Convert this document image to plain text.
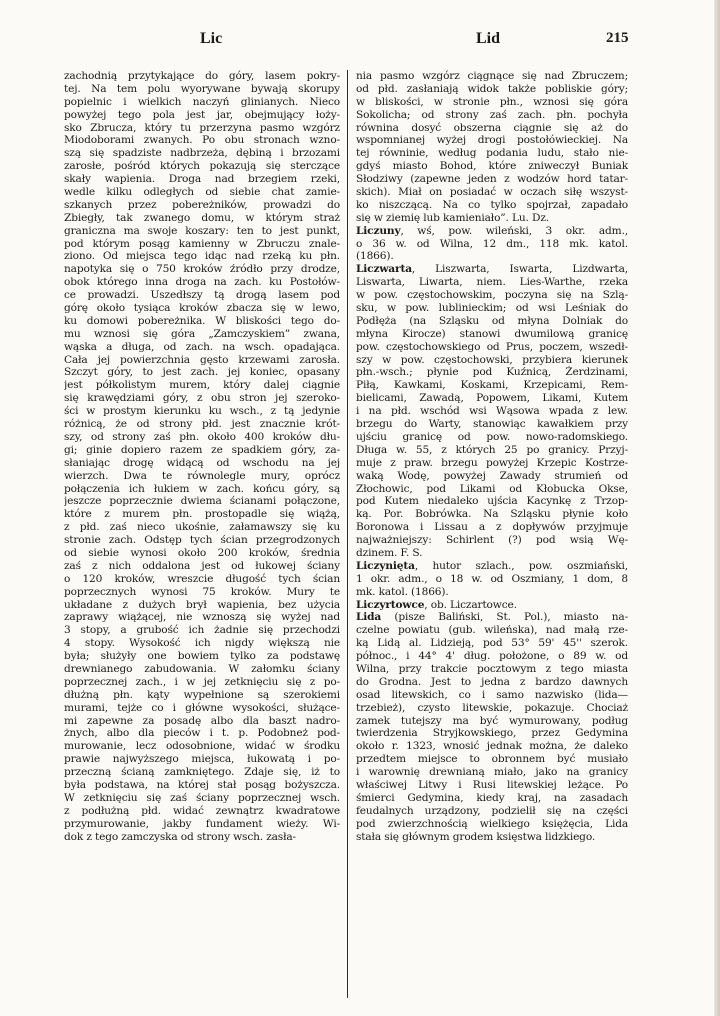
Lic	Lid	215
zachodnią przytykające do góry, lasem pokry-
tej. Na tem polu wyorywane bywają skorupy
popielnic i wielkich naczyń glinianych. Nieco
powyżej tego pola jest jar, obejmujący łoży-
sko Zbrucza, który tu przerzyna pasmo wzgórz
Miodoborami zwanych. Po obu stronach wzno-
szą się spadziste nadbrzeża, dębiną i brzozami
zarosłe, pośród których pokazują się sterczące
skały wapienia. Droga nad brzegiem rzeki,
wedle kilku odległych od siebie chat zamie-
szkanych przez pobereżników, prowadzi do
Zbiegły, tak zwanego domu, w którym straż
graniczna ma swoje koszary: ten to jest punkt,
pod którym posąg kamienny w Zbruczu znale-
ziono. Od miejsca tego idąc nad rzeką ku płn.
napotyka się o 750 kroków źródło przy drodze,
obok którego inna droga na zach. ku Postołów-
ce prowadzi. Uszedłszy tą drogą lasem pod
górę około tysiąca kroków zbacza się w lewo,
ku domowi pobereżnika. W bliskości tego do-
mu wznosi się góra „Zamczyskiem” zwana,
wąska a długa, od zach. na wsch. opadająca.
Cała jej powierzchnia gęsto krzewami zarosła.
Szczyt góry, to jest zach. jej koniec, opasany
jest półkolistym murem, który dalej ciągnie
się krawędziami góry, z obu stron jej szeroko-
ści w prostym kierunku ku wsch., z tą jedynie
różnicą, że od strony płd. jest znacznie krót-
szy, od strony zaś płn. około 400 kroków dłu-
gi; ginie dopiero razem ze spadkiem góry, za-
słaniając drogę widącą od wschodu na jej
wierzch. Dwa te równolegle mury, oprócz
połączenia ich łukiem w zach. końcu góry, są
jeszcze poprzecznie dwiema ścianami połączone,
które z murem płn. prostopadle się wiążą,
z płd. zaś nieco ukośnie, załamawszy się ku
stronie zach. Odstęp tych ścian przegrodzonych
od siebie wynosi około 200 kroków, średnia
zaś z nich oddalona jest od łukowej ściany
o 120 kroków, wreszcie długość tych ścian
poprzecznych wynosi 75 kroków. Mury te
układane z dużych brył wapienia, bez użycia
zaprawy wiążącej, nie wznoszą się wyżej nad
3 stopy, a grubość ich żadnie się przechodzi
4 stopy. Wysokość ich nigdy większą nie
była; służyły one bowiem tylko za podstawę
drewnianego zabudowania. W załomku ściany
poprzecznej zach., i w jej zetknięciu się z po-
dłużną płn. kąty wypełnione są szerokiemi
murami, tejże co i główne wysokości, służące-
mi zapewne za posadę albo dla baszt nadro-
żnych, albo dla pieców i t. p. Podobneż pod-
murowanie, lecz odosobnione, widać w środku
prawie najwyższego miejsca, łukowatą i po-
przeczną ścianą zamkniętego. Zdaje się, iż to
była podstawa, na której stał posąg bożyszcza.
W zetknięciu się zaś ściany poprzecznej wsch.
z podłużną płd. widać zewnątrz kwadratowe
przymurowanie, jakby fundament wieży. Wi-
dok z tego zamczyska od strony wsch. zasła-
nia pasmo wzgórz ciągnące się nad Zbruczem;
od płd. zasłaniają widok także pobliskie góry;
w bliskości, w stronie płn., wznosi się góra
Sokolicha; od strony zaś zach. płn. pochyła
równina dosyć obszerna ciągnie się aż do
wspomnianej wyżej drogi postołówieckiej. Na
tej równinie, według podania ludu, stało nie-
gdyś miasto Bohod, które zniweczył Buniak
Słodziwy (zapewne jeden z wodzów hord tatar-
skich). Miał on posiadać w oczach siłę wszyst-
ko niszczącą. Na co tylko spojrzał, zapadało
się w ziemię lub kamieniało”. Lu. Dz.
Liczuny, wś, pow. wileński, 3 okr. adm.,
o 36 w. od Wilna, 12 dm., 118 mk. katol.
(1866).
Liczwarta, Liszwarta, Iswarta, Lizdwarta,
Liswarta, Liwarta, niem. Lies-Warthe, rzeka
w pow. częstochowskim, poczyna się na Szlą-
sku, w pow. lublinieckim; od wsi Leśniak do
Podłęża (na Szląsku od młyna Dolniak do
młyna Kirocze) stanowi dwumilową granicę
pow. częstochowskiego od Prus, poczem, wszedł-
szy w pow. częstochowski, przybiera kierunek
płn.-wsch.; płynie pod Kuźnicą, Żerdzinami,
Piłą, Kawkami, Koskami, Krzepicami, Rem-
bielicami, Zawadą, Popowem, Likami, Kutem
i na płd. wschód wsi Wąsowa wpada z lew.
brzegu do Warty, stanowiąc kawałkiem przy
ujściu granicę od pow. nowo-radomskiego.
Długa w. 55, z których 25 po granicy. Przyj-
muje z praw. brzegu powyżej Krzepic Kostrze-
waką Wodę, powyżej Zawady strumień od
Złochowic, pod Likami od Kłobucka Okse,
pod Kutem niedaleko ujścia Kacynkę z Trzop-
ką. Por. Bobrówka. Na Szląsku płynie koło
Boronowa i Lissau a z dopływów przyjmuje
najważniejszy: Schirlent (?) pod wsią Wę-
dzinem. F. S.
Liczynięta, hutor szlach., pow. oszmiański,
1 okr. adm., o 18 w. od Oszmiany, 1 dom, 8
mk. katol. (1866).
Liczyrtowce, ob. Liczartowce.
Lida (pisze Baliński, St. Pol.), miasto na-
czelne powiatu (gub. wileńska), nad małą rze-
ką Lidą al. Lidzieją, pod 53° 59' 45'' szerok.
północ., i 44° 4' dług. położone, o 89 w. od
Wilna, przy trakcie pocztowym z tego miasta
do Grodna. Jest to jedna z bardzo dawnych
osad litewskich, co i samo nazwisko (lida—
trzebież), czysto litewskie, pokazuje. Chociaż
zamek tutejszy ma być wymurowany, podług
twierdzenia Stryjkowskiego, przez Gedymina
około r. 1323, wnosić jednak można, że daleko
przedtem miejsce to obronnem być musiało
i warownię drewnianą miało, jako na granicy
właściwej Litwy i Rusi litewskiej leżące. Po
śmierci Gedymina, kiedy kraj, na zasadach
feudalnych urządzony, podzielił się na części
pod zwierzchnością wielkiego księżęcia, Lida
stała się głównym grodem księstwa lidzkiego.
